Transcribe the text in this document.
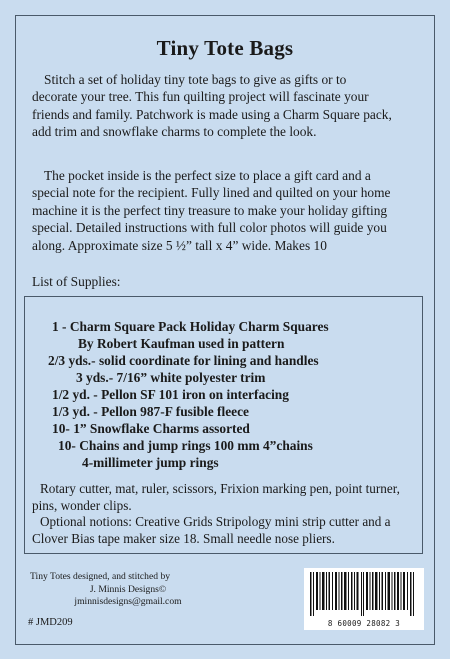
Tiny Tote Bags
Stitch a set of holiday tiny tote bags to give as gifts or to decorate your tree. This fun quilting project will fascinate your friends and family. Patchwork is made using a Charm Square pack, add trim and snowflake charms to complete the look.
The pocket inside is the perfect size to place a gift card and a special note for the recipient. Fully lined and quilted on your home machine it is the perfect tiny treasure to make your holiday gifting special. Detailed instructions with full color photos will guide you along. Approximate size 5 ½” tall x 4” wide. Makes 10
List of Supplies:
1 - Charm Square Pack Holiday Charm Squares
By Robert Kaufman used in pattern
2/3 yds.- solid coordinate for lining and handles
3 yds.- 7/16” white polyester trim
1/2 yd. - Pellon SF 101 iron on interfacing
1/3 yd. - Pellon 987-F fusible fleece
10- 1” Snowflake Charms assorted
10- Chains and jump rings 100 mm 4”chains
4-millimeter jump rings

Rotary cutter, mat, ruler, scissors, Frixion marking pen, point turner, pins, wonder clips.

Optional notions: Creative Grids Stripology mini strip cutter and a Clover Bias tape maker size 18. Small needle nose pliers.

Tiny Totes designed, and stitched by
J. Minnis Designs©
jminnisdesigns@gmail.com
# JMD209	8 60009 28082 3
